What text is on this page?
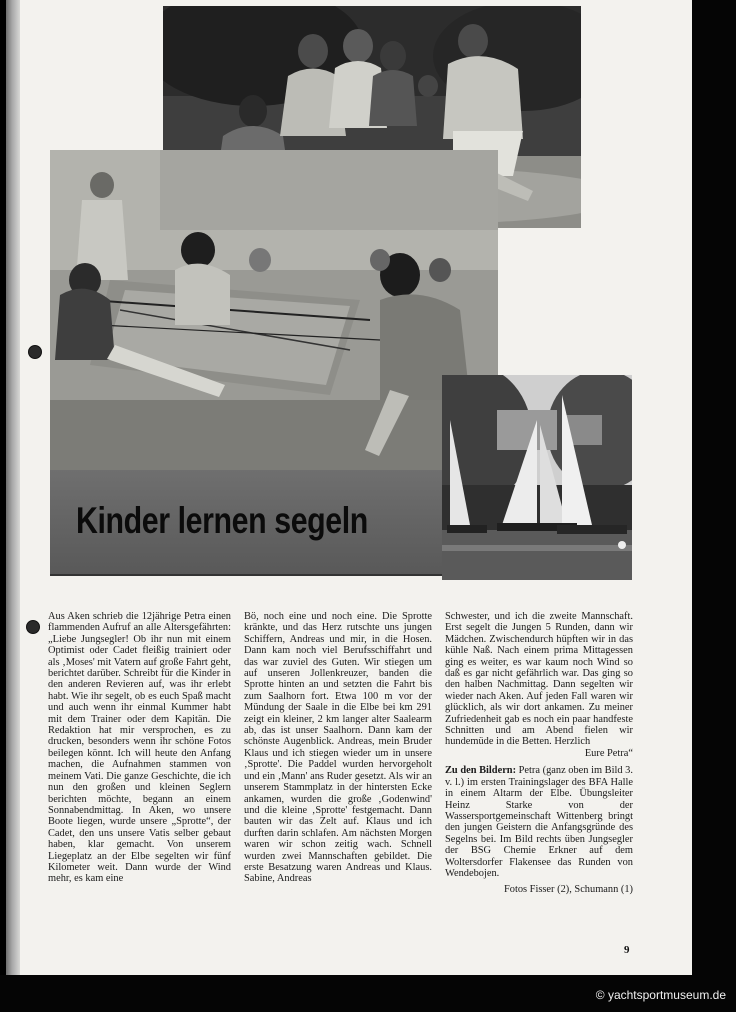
Kinder lernen segeln

Aus Aken schrieb die 12jährige Petra einen flammenden Aufruf an alle Altersgefährten: „Liebe Jungsegler! Ob ihr nun mit einem Optimist oder Cadet fleißig trainiert oder als ‚Moses' mit Vatern auf große Fahrt geht, berichtet darüber. Schreibt für die Kinder in den anderen Revieren auf, was ihr erlebt habt. Wie ihr segelt, ob es euch Spaß macht und auch wenn ihr einmal Kummer habt mit dem Trainer oder dem Kapitän. Die Redaktion hat mir versprochen, es zu drucken, besonders wenn ihr schöne Fotos beilegen könnt. Ich will heute den Anfang machen, die Aufnahmen stammen von meinem Vati. Die ganze Geschichte, die ich nun den großen und kleinen Seglern berichten möchte, begann an einem Sonnabendmittag. In Aken, wo unsere Boote liegen, wurde unsere „Sprotte“, der Cadet, den uns unsere Vatis selber gebaut haben, klar gemacht. Von unserem Liegeplatz an der Elbe segelten wir fünf Kilometer weit. Dann wurde der Wind mehr, es kam eine

Bö, noch eine und noch eine. Die Sprotte kränkte, und das Herz rutschte uns jungen Schiffern, Andreas und mir, in die Hosen. Dann kam noch viel Berufsschiffahrt und das war zuviel des Guten. Wir stiegen um auf unseren Jollenkreuzer, banden die Sprotte hinten an und setzten die Fahrt bis zum Saalhorn fort. Etwa 100 m vor der Mündung der Saale in die Elbe bei km 291 zeigt ein kleiner, 2 km langer alter Saalearm ab, das ist unser Saalhorn. Dann kam der schönste Augenblick. Andreas, mein Bruder Klaus und ich stiegen wieder um in unsere ‚Sprotte'. Die Paddel wurden hervorgeholt und ein ‚Mann' ans Ruder gesetzt. Als wir an unserem Stammplatz in der hintersten Ecke ankamen, wurden die große ‚Godenwind' und die kleine ‚Sprotte' festgemacht. Dann bauten wir das Zelt auf. Klaus und ich durften darin schlafen. Am nächsten Morgen waren wir schon zeitig wach. Schnell wurden zwei Mannschaften gebildet. Die erste Besatzung waren Andreas und Klaus. Sabine, Andreas

Schwester, und ich die zweite Mannschaft. Erst segelt die Jungen 5 Runden, dann wir Mädchen. Zwischendurch hüpften wir in das kühle Naß. Nach einem prima Mittagessen ging es weiter, es war kaum noch Wind so daß es gar nicht gefährlich war. Das ging so den halben Nachmittag. Dann segelten wir wieder nach Aken. Auf jeden Fall waren wir glücklich, als wir dort ankamen. Zu meiner Zufriedenheit gab es noch ein paar handfeste Schnitten und am Abend fielen wir hundemüde in die Betten. Herzlich

Eure Petra“

Zu den Bildern: Petra (ganz oben im Bild 3. v. l.) im ersten Trainingslager des BFA Halle in einem Altarm der Elbe. Übungsleiter Heinz Starke von der Wassersportgemeinschaft Wittenberg bringt den jungen Geistern die Anfangsgründe des Segelns bei. Im Bild rechts üben Jungsegler der BSG Chemie Erkner auf dem Woltersdorfer Flakensee das Runden von Wendebojen.

Fotos Fisser (2), Schumann (1)

9
© yachtsportmuseum.de
